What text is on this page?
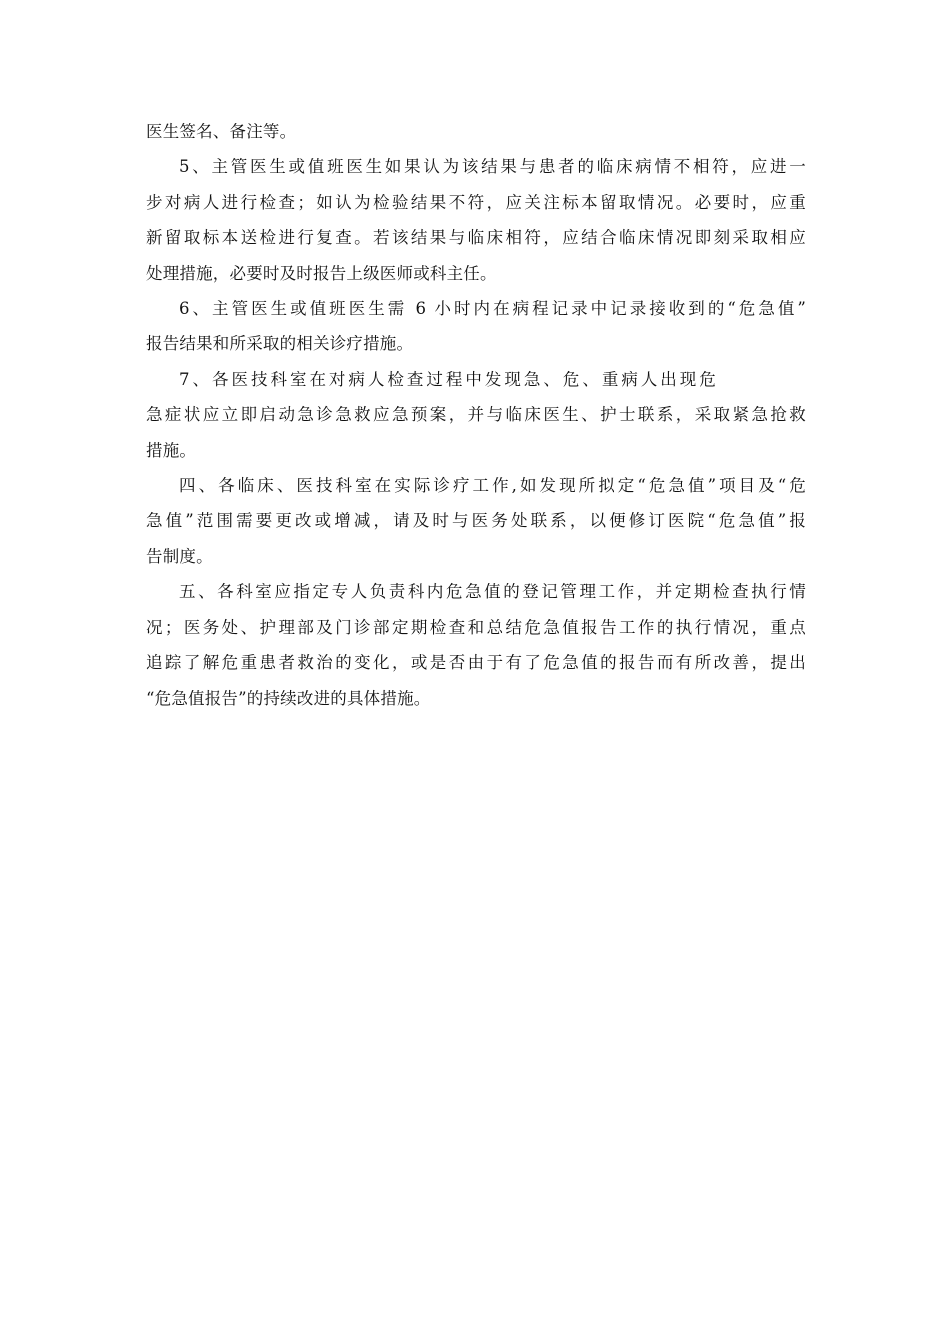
医生签名、备注等。

5、主管医生或值班医生如果认为该结果与患者的临床病情不相符，应进一
步对病人进行检查；如认为检验结果不符，应关注标本留取情况。必要时，应重
新留取标本送检进行复查。若该结果与临床相符，应结合临床情况即刻采取相应
处理措施，必要时及时报告上级医师或科主任。

6、主管医生或值班医生需 6 小时内在病程记录中记录接收到的“危急值”
报告结果和所采取的相关诊疗措施。

7、各医技科室在对病人检查过程中发现急、危、重病人出现危
急症状应立即启动急诊急救应急预案，并与临床医生、护士联系，采取紧急抢救
措施。

四、各临床、医技科室在实际诊疗工作,如发现所拟定“危急值”项目及“危
急值”范围需要更改或增减，请及时与医务处联系，以便修订医院“危急值”报
告制度。

五、各科室应指定专人负责科内危急值的登记管理工作，并定期检查执行情
况；医务处、护理部及门诊部定期检查和总结危急值报告工作的执行情况，重点
追踪了解危重患者救治的变化，或是否由于有了危急值的报告而有所改善，提出
“危急值报告”的持续改进的具体措施。
